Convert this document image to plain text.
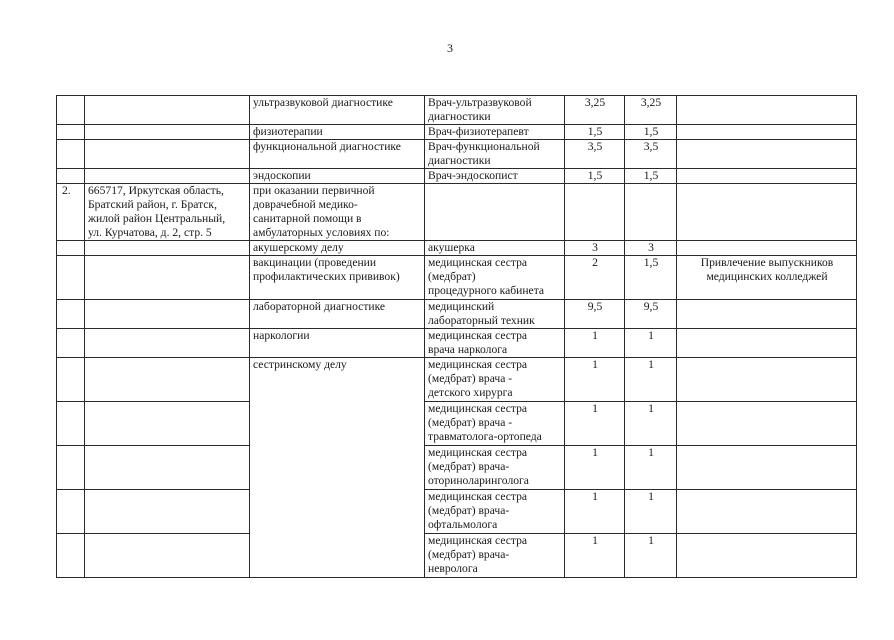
3
		ультразвуковой диагностике	Врач-ультразвуковой
диагностики	3,25	3,25	
		физиотерапии	Врач-физиотерапевт	1,5	1,5	
		функциональной диагностике	Врач-функциональной
диагностики	3,5	3,5	
		эндоскопии	Врач-эндоскопист	1,5	1,5	
2.	665717, Иркутская область,
Братский район, г. Братск,
жилой район Центральный,
ул. Курчатова, д. 2, стр. 5	при оказании первичной
доврачебной медико-
санитарной помощи в
амбулаторных условиях по:				
		акушерскому делу	акушерка	3	3	
		вакцинации (проведении
профилактических прививок)	медицинская сестра
(медбрат)
процедурного кабинета	2	1,5	Привлечение выпускников
медицинских колледжей
		лабораторной диагностике	медицинский
лабораторный техник	9,5	9,5	
		наркологии	медицинская сестра
врача нарколога	1	1	
		сестринскому делу	медицинская сестра
(медбрат) врача -
детского хирурга	1	1	
			медицинская сестра
(медбрат) врача -
травматолога-ортопеда	1	1	
			медицинская сестра
(медбрат) врача-
оториноларинголога	1	1	
			медицинская сестра
(медбрат) врача-
офтальмолога	1	1	
			медицинская сестра
(медбрат) врача-
невролога	1	1	
